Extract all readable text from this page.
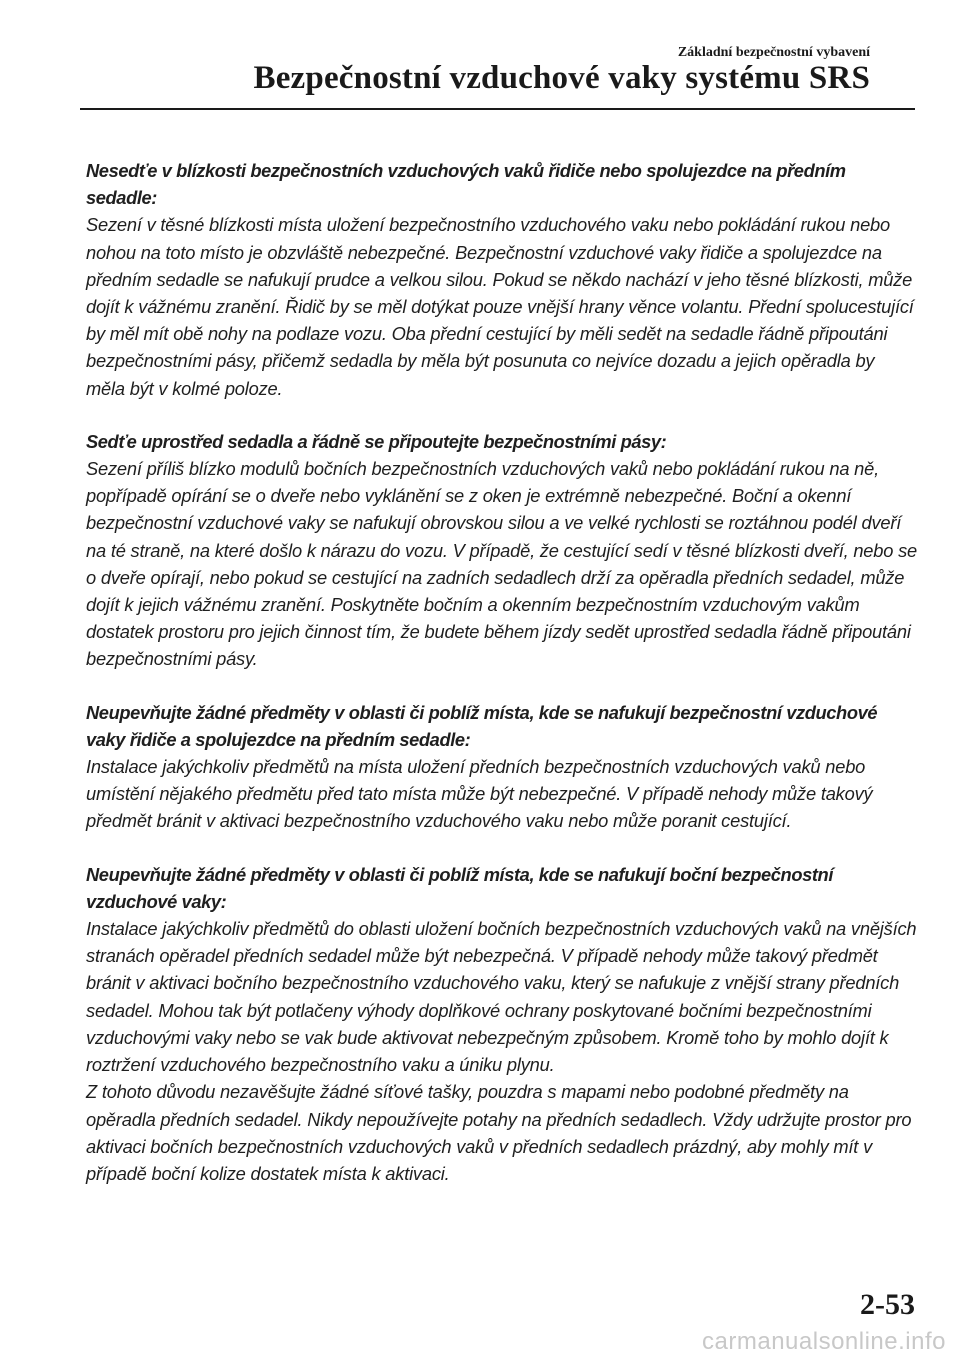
Základní bezpečnostní vybavení
Bezpečnostní vzduchové vaky systému SRS

Nesedťe v blízkosti bezpečnostních vzduchových vaků řidiče nebo spolujezdce na předním sedadle:

Sezení v těsné blízkosti místa uložení bezpečnostního vzduchového vaku nebo pokládání rukou nebo nohou na toto místo je obzvláště nebezpečné. Bezpečnostní vzduchové vaky řidiče a spolujezdce na předním sedadle se nafukují prudce a velkou silou. Pokud se někdo nachází v jeho těsné blízkosti, může dojít k vážnému zranění. Řidič by se měl dotýkat pouze vnější hrany věnce volantu. Přední spolucestující by měl mít obě nohy na podlaze vozu. Oba přední cestující by měli sedět na sedadle řádně připoutáni bezpečnostními pásy, přičemž sedadla by měla být posunuta co nejvíce dozadu a jejich opěradla by měla být v kolmé poloze.

Sedťe uprostřed sedadla a řádně se připoutejte bezpečnostními pásy:

Sezení příliš blízko modulů bočních bezpečnostních vzduchových vaků nebo pokládání rukou na ně, popřípadě opírání se o dveře nebo vyklánění se z oken je extrémně nebezpečné. Boční a okenní bezpečnostní vzduchové vaky se nafukují obrovskou silou a ve velké rychlosti se roztáhnou podél dveří na té straně, na které došlo k nárazu do vozu. V případě, že cestující sedí v těsné blízkosti dveří, nebo se o dveře opírají, nebo pokud se cestující na zadních sedadlech drží za opěradla předních sedadel, může dojít k jejich vážnému zranění. Poskytněte bočním a okenním bezpečnostním vzduchovým vakům dostatek prostoru pro jejich činnost tím, že budete během jízdy sedět uprostřed sedadla řádně připoutáni bezpečnostními pásy.

Neupevňujte žádné předměty v oblasti či poblíž místa, kde se nafukují bezpečnostní vzduchové vaky řidiče a spolujezdce na předním sedadle:

Instalace jakýchkoliv předmětů na místa uložení předních bezpečnostních vzduchových vaků nebo umístění nějakého předmětu před tato místa může být nebezpečné. V případě nehody může takový předmět bránit v aktivaci bezpečnostního vzduchového vaku nebo může poranit cestující.

Neupevňujte žádné předměty v oblasti či poblíž místa, kde se nafukují boční bezpečnostní vzduchové vaky:

Instalace jakýchkoliv předmětů do oblasti uložení bočních bezpečnostních vzduchových vaků na vnějších stranách opěradel předních sedadel může být nebezpečná. V případě nehody může takový předmět bránit v aktivaci bočního bezpečnostního vzduchového vaku, který se nafukuje z vnější strany předních sedadel. Mohou tak být potlačeny výhody doplňkové ochrany poskytované bočními bezpečnostními vzduchovými vaky nebo se vak bude aktivovat nebezpečným způsobem. Kromě toho by mohlo dojít k roztržení vzduchového bezpečnostního vaku a úniku plynu.

Z tohoto důvodu nezavěšujte žádné síťové tašky, pouzdra s mapami nebo podobné předměty na opěradla předních sedadel. Nikdy nepoužívejte potahy na předních sedadlech. Vždy udržujte prostor pro aktivaci bočních bezpečnostních vzduchových vaků v předních sedadlech prázdný, aby mohly mít v případě boční kolize dostatek místa k aktivaci.

2-53
carmanualsonline.info
